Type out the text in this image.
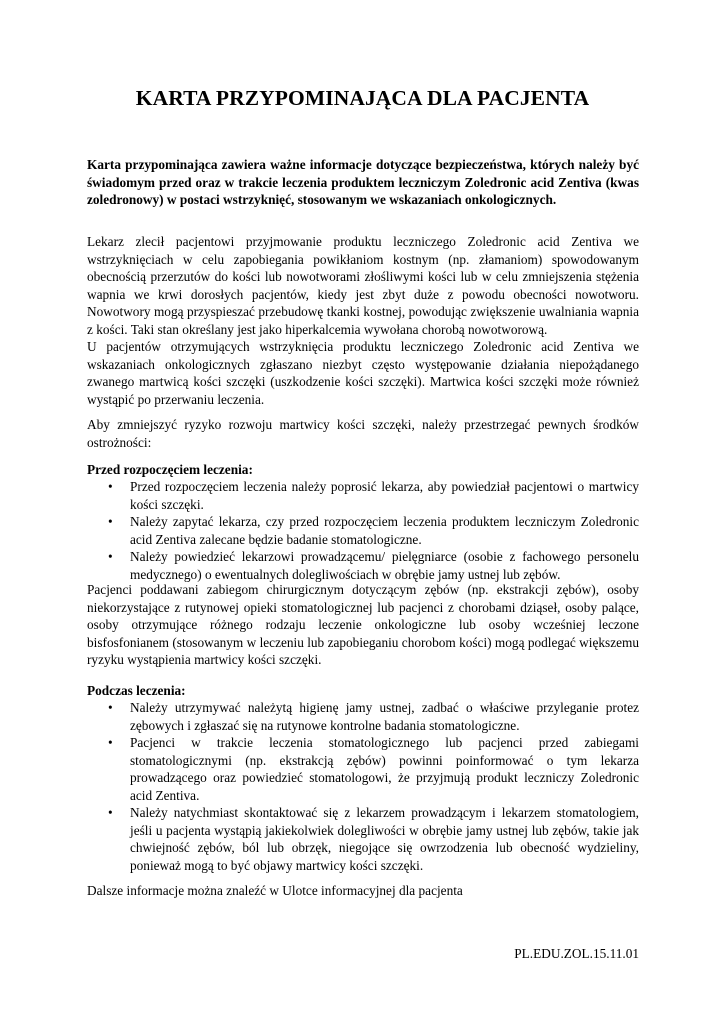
KARTA PRZYPOMINAJĄCA DLA PACJENTA

Karta przypominająca zawiera ważne informacje dotyczące bezpieczeństwa, których należy być świadomym przed oraz w trakcie leczenia produktem leczniczym Zoledronic acid Zentiva (kwas zoledronowy) w postaci wstrzyknięć, stosowanym we wskazaniach onkologicznych.

Lekarz zlecił pacjentowi przyjmowanie produktu leczniczego Zoledronic acid Zentiva we wstrzyknięciach w celu zapobiegania powikłaniom kostnym (np. złamaniom) spowodowanym obecnością przerzutów do kości lub nowotworami złośliwymi kości lub w celu zmniejszenia stężenia wapnia we krwi dorosłych pacjentów, kiedy jest zbyt duże z powodu obecności nowotworu. Nowotwory mogą przyspieszać przebudowę tkanki kostnej, powodując zwiększenie uwalniania wapnia z kości. Taki stan określany jest jako hiperkalcemia wywołana chorobą nowotworową.

U pacjentów otrzymujących wstrzyknięcia produktu leczniczego Zoledronic acid Zentiva we wskazaniach onkologicznych zgłaszano niezbyt często występowanie działania niepożądanego zwanego martwicą kości szczęki (uszkodzenie kości szczęki). Martwica kości szczęki może również wystąpić po przerwaniu leczenia.

Aby zmniejszyć ryzyko rozwoju martwicy kości szczęki, należy przestrzegać pewnych środków ostrożności:

Przed rozpoczęciem leczenia:

• Przed rozpoczęciem leczenia należy poprosić lekarza, aby powiedział pacjentowi o martwicy kości szczęki.
• Należy zapytać lekarza, czy przed rozpoczęciem leczenia produktem leczniczym Zoledronic acid Zentiva zalecane będzie badanie stomatologiczne.
• Należy powiedzieć lekarzowi prowadzącemu/ pielęgniarce (osobie z fachowego personelu medycznego) o ewentualnych dolegliwościach w obrębie jamy ustnej lub zębów.

Pacjenci poddawani zabiegom chirurgicznym dotyczącym zębów (np. ekstrakcji zębów), osoby niekorzystające z rutynowej opieki stomatologicznej lub pacjenci z chorobami dziąseł, osoby palące, osoby otrzymujące różnego rodzaju leczenie onkologiczne lub osoby wcześniej leczone bisfosfonianem (stosowanym w leczeniu lub zapobieganiu chorobom kości) mogą podlegać większemu ryzyku wystąpienia martwicy kości szczęki.

Podczas leczenia:

• Należy utrzymywać należytą higienę jamy ustnej, zadbać o właściwe przyleganie protez zębowych i zgłaszać się na rutynowe kontrolne badania stomatologiczne.
• Pacjenci w trakcie leczenia stomatologicznego lub pacjenci przed zabiegami stomatologicznymi (np. ekstrakcją zębów) powinni poinformować o tym lekarza prowadzącego oraz powiedzieć stomatologowi, że przyjmują produkt leczniczy Zoledronic acid Zentiva.
• Należy natychmiast skontaktować się z lekarzem prowadzącym i lekarzem stomatologiem, jeśli u pacjenta wystąpią jakiekolwiek dolegliwości w obrębie jamy ustnej lub zębów, takie jak chwiejność zębów, ból lub obrzęk, niegojące się owrzodzenia lub obecność wydzieliny, ponieważ mogą to być objawy martwicy kości szczęki.

Dalsze informacje można znaleźć w Ulotce informacyjnej dla pacjenta

PL.EDU.ZOL.15.11.01
